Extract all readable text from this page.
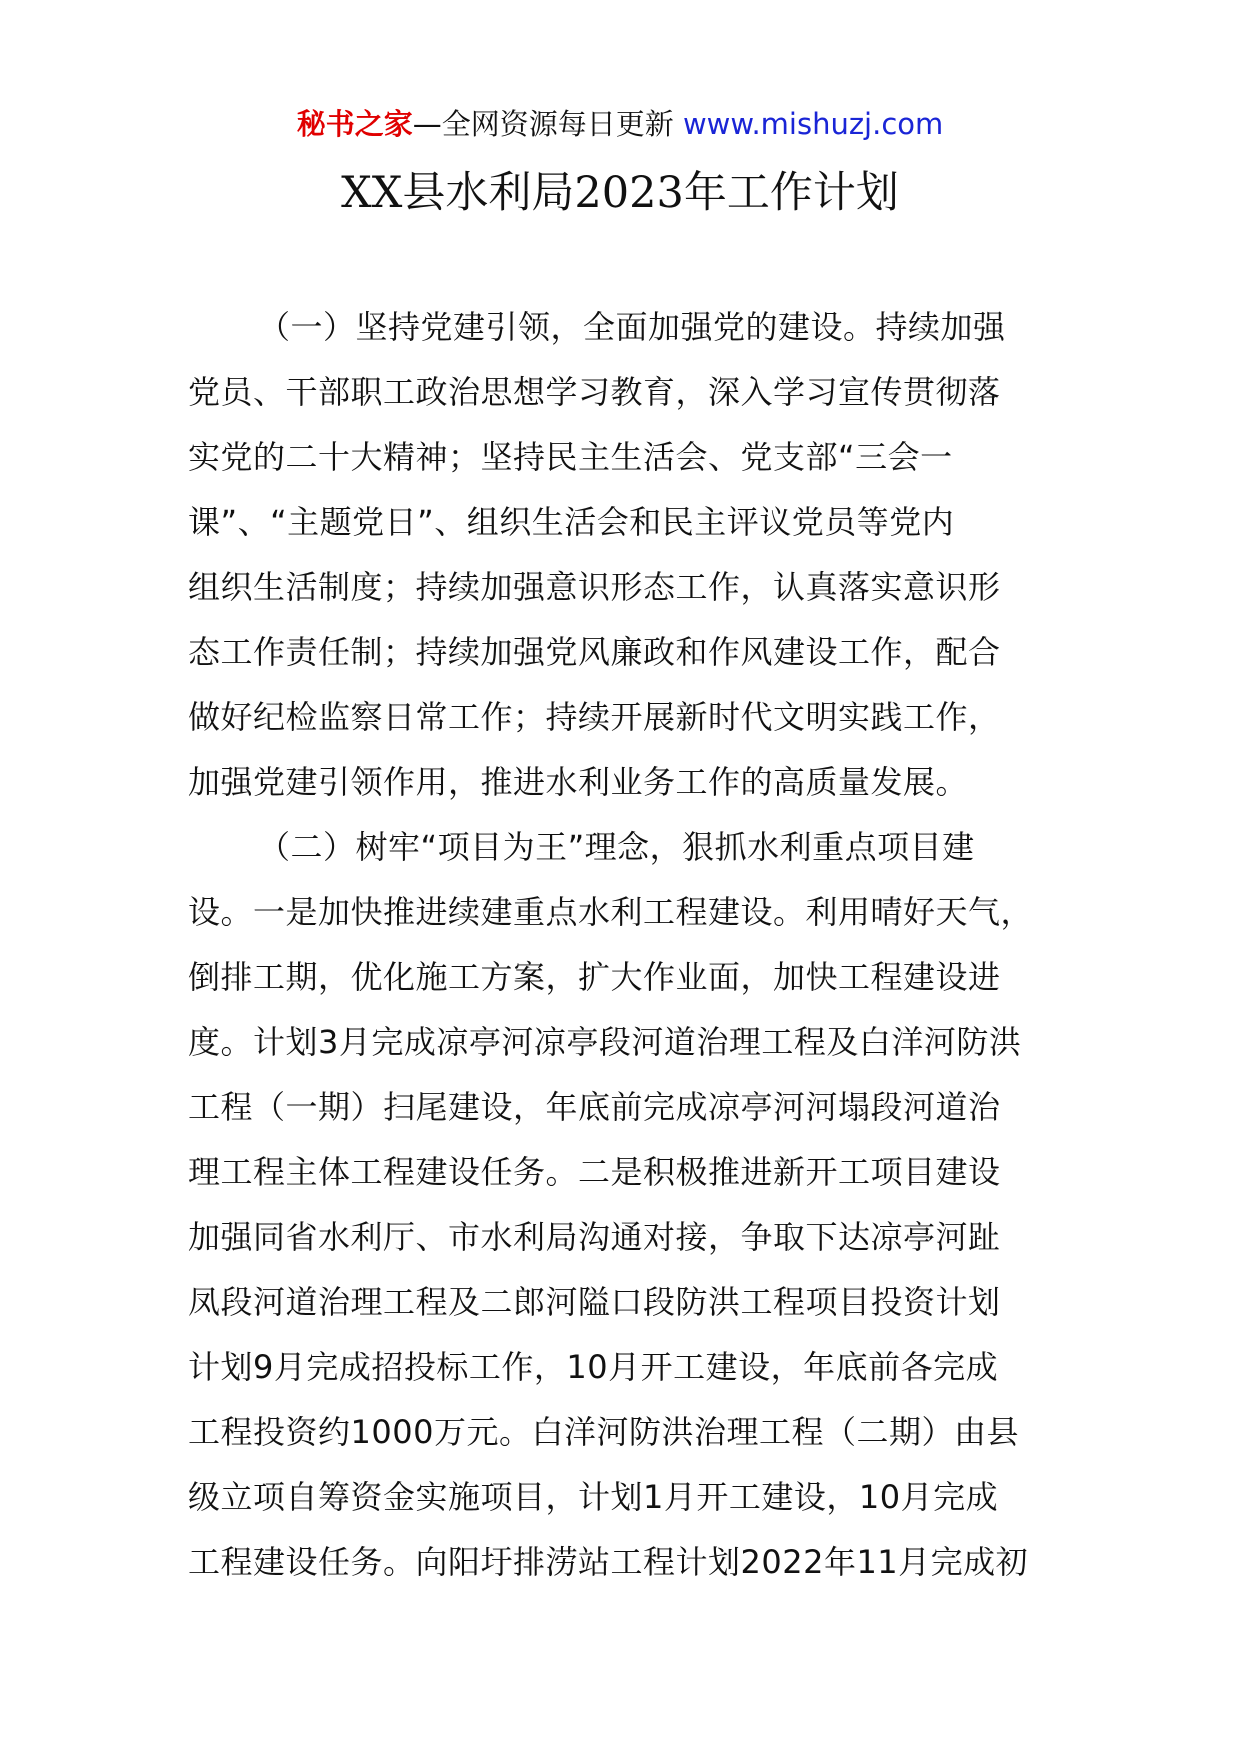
秘书之家—全网资源每日更新 www.mishuzj.com
XX县水利局2023年工作计划
（一）坚持党建引领，全面加强党的建设。持续加强
党员、干部职工政治思想学习教育，深入学习宣传贯彻落
实党的二十大精神；坚持民主生活会、党支部“三会一
课”、“主题党日”、组织生活会和民主评议党员等党内
组织生活制度；持续加强意识形态工作，认真落实意识形
态工作责任制；持续加强党风廉政和作风建设工作，配合
做好纪检监察日常工作；持续开展新时代文明实践工作，
加强党建引领作用，推进水利业务工作的高质量发展。
（二）树牢“项目为王”理念，狠抓水利重点项目建
设。一是加快推进续建重点水利工程建设。利用晴好天气，
倒排工期，优化施工方案，扩大作业面，加快工程建设进
度。计划3月完成凉亭河凉亭段河道治理工程及白洋河防洪
工程（一期）扫尾建设，年底前完成凉亭河河塌段河道治
理工程主体工程建设任务。二是积极推进新开工项目建设
加强同省水利厅、市水利局沟通对接，争取下达凉亭河趾
凤段河道治理工程及二郎河隘口段防洪工程项目投资计划
计划9月完成招投标工作，10月开工建设，年底前各完成
工程投资约1000万元。白洋河防洪治理工程（二期）由县
级立项自筹资金实施项目，计划1月开工建设，10月完成
工程建设任务。向阳圩排涝站工程计划2022年11月完成初
